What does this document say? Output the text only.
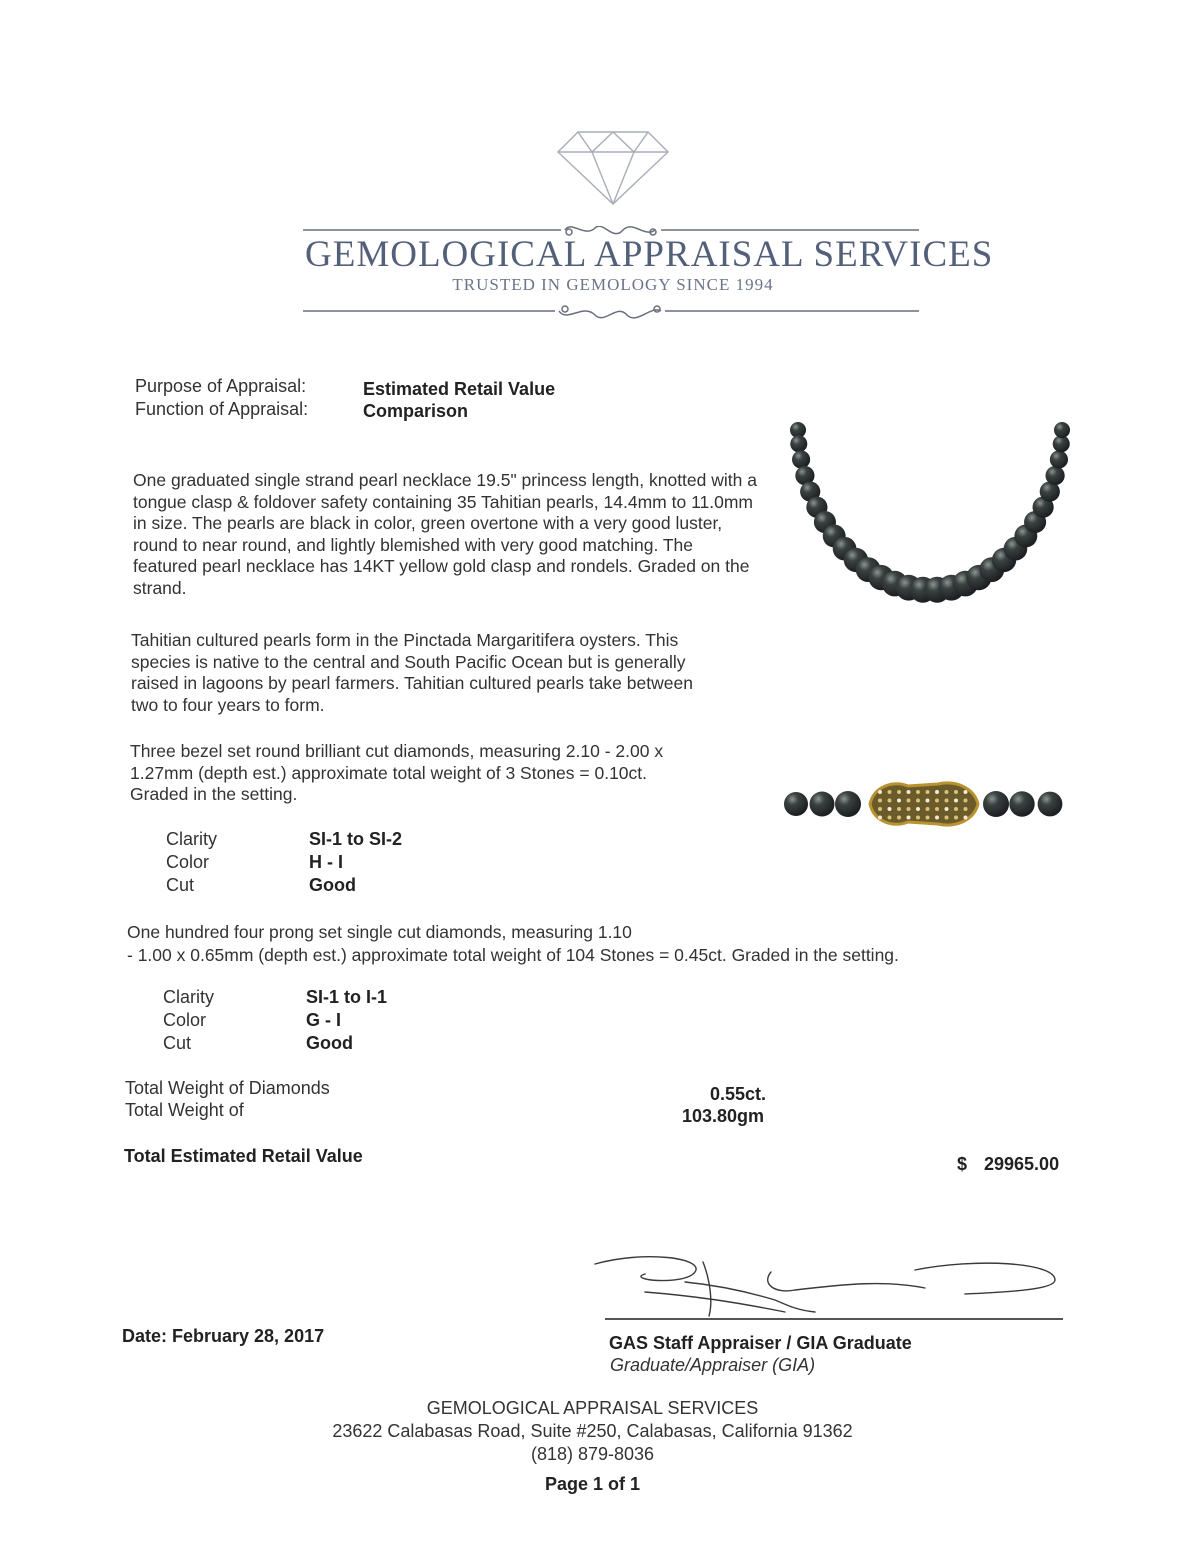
GEMOLOGICAL APPRAISAL SERVICES
TRUSTED IN GEMOLOGY SINCE 1994
Purpose of Appraisal:	Estimated Retail Value
Function of Appraisal:	Comparison
One graduated single strand pearl necklace 19.5" princess length, knotted with a tongue clasp & foldover safety containing 35 Tahitian pearls, 14.4mm to 11.0mm in size. The pearls are black in color, green overtone with a very good luster, round to near round, and lightly blemished with very good matching. The featured pearl necklace has 14KT yellow gold clasp and rondels. Graded on the strand.
Tahitian cultured pearls form in the Pinctada Margaritifera oysters. This species is native to the central and South Pacific Ocean but is generally raised in lagoons by pearl farmers. Tahitian cultured pearls take between two to four years to form.
Three bezel set round brilliant cut diamonds, measuring 2.10 - 2.00 x 1.27mm (depth est.) approximate total weight of 3 Stones = 0.10ct. Graded in the setting.
Clarity	SI-1 to SI-2
Color	H - I
Cut	Good
One hundred four prong set single cut diamonds, measuring 1.10
- 1.00 x 0.65mm (depth est.) approximate total weight of 104 Stones = 0.45ct. Graded in the setting.
Clarity	SI-1 to I-1
Color	G - I
Cut	Good
Total Weight of Diamonds	0.55ct.
Total Weight of	103.80gm
Total Estimated Retail Value	$ 29965.00
Date: February 28, 2017	GAS Staff Appraiser / GIA Graduate
Graduate/Appraiser (GIA)
GEMOLOGICAL APPRAISAL SERVICES
23622 Calabasas Road, Suite #250, Calabasas, California 91362
(818) 879-8036
Page 1 of 1
